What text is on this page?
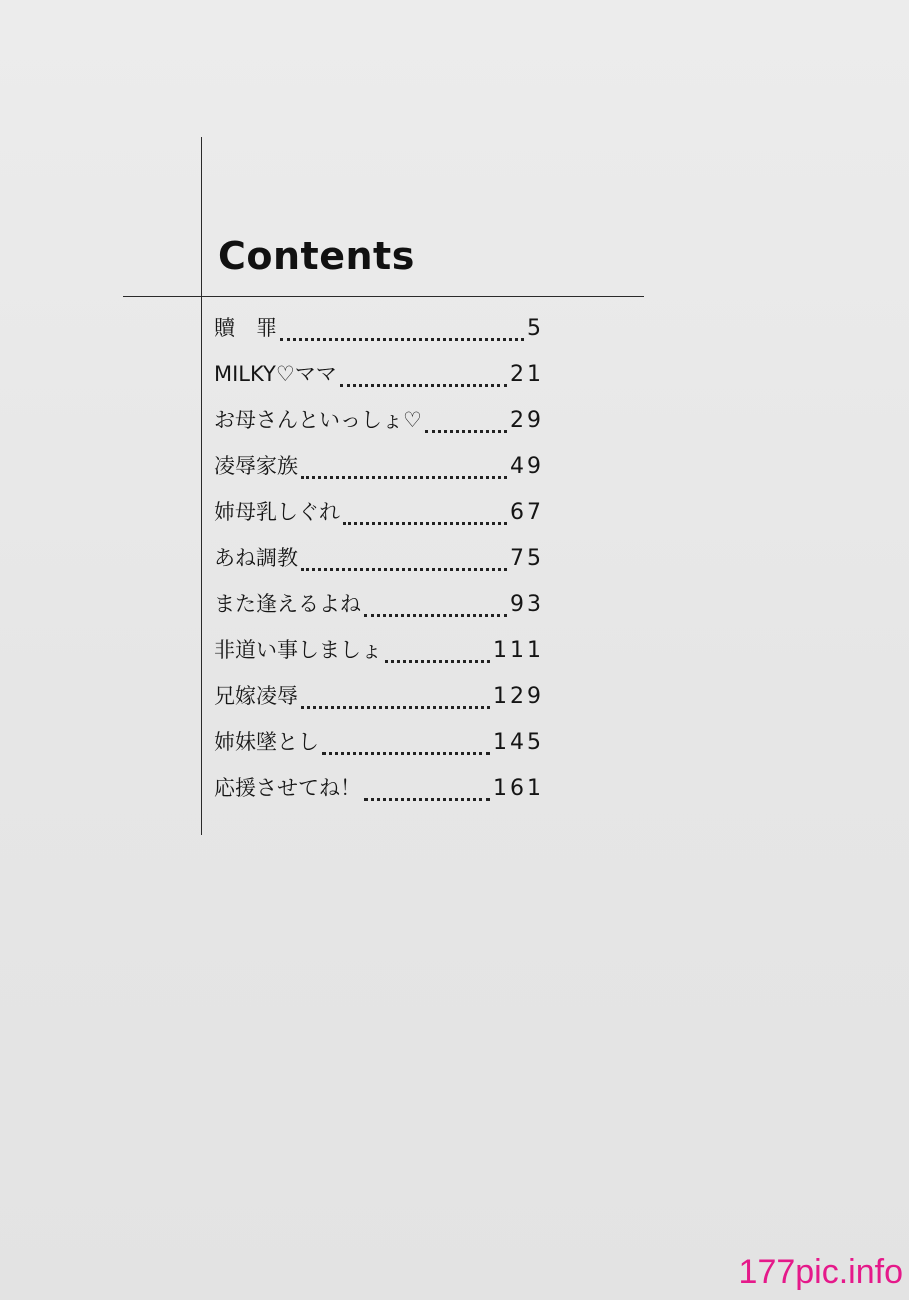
Contents
贖　罪	5
MILKY♡ママ	21
お母さんといっしょ♡	29
凌辱家族	49
姉母乳しぐれ	67
あね調教	75
また逢えるよね	93
非道い事しましょ	111
兄嫁凌辱	129
姉妹墜とし	145
応援させてね！	161

177pic.info
